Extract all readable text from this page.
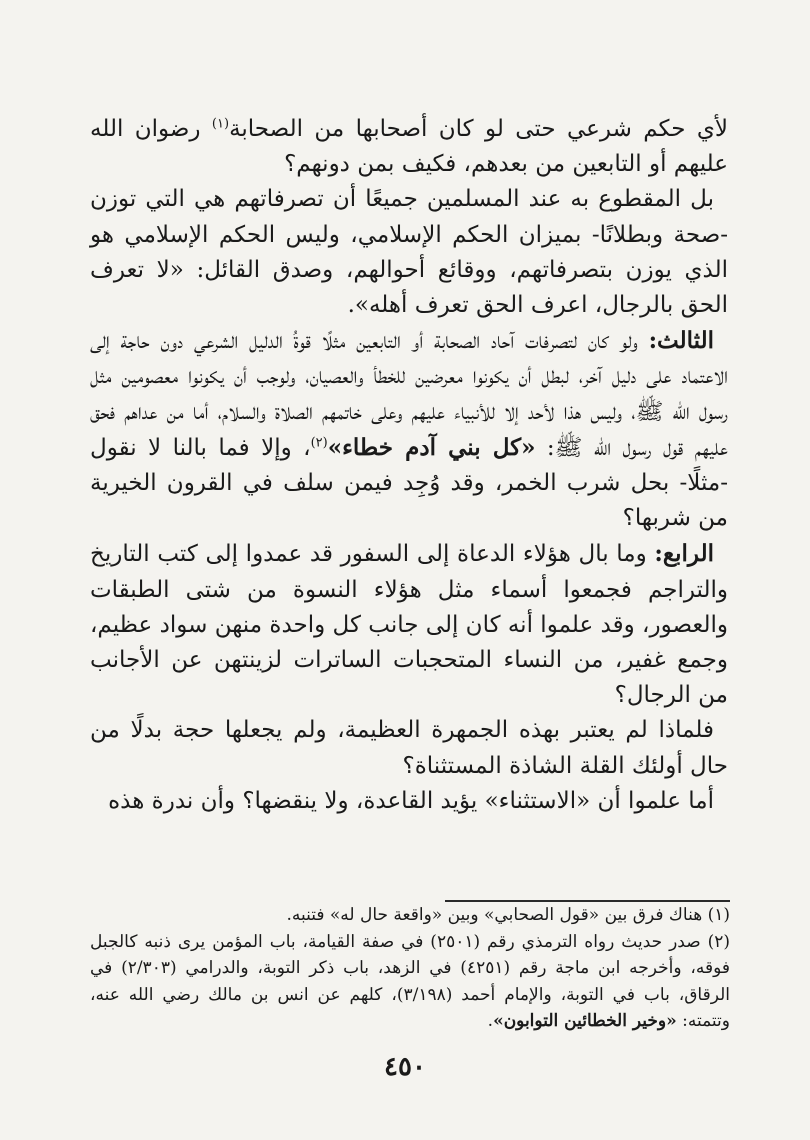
لأي حكم شرعي حتى لو كان أصحابها من الصحابة$^{(١)}$ رضوان الله عليهم أو التابعين من بعدهم، فكيف بمن دونهم؟

بل المقطوع به عند المسلمين جميعًا أن تصرفاتهم هي التي توزن -صحة وبطلانًا- بميزان الحكم الإسلامي، وليس الحكم الإسلامي هو الذي يوزن بتصرفاتهم، ووقائع أحوالهم، وصدق القائل: «لا تعرف الحق بالرجال، اعرف الحق تعرف أهله».

الثالث: ولو كان لتصرفات آحاد الصحابة أو التابعين مثلًا قوةُ الدليل الشرعي دون حاجة إلى الاعتماد على دليل آخر، لبطل أن يكونوا معرضين للخطأ والعصيان، ولوجب أن يكونوا معصومين مثل رسول الله ﷺ، وليس هذا لأحد إلا للأنبياء عليهم وعلى خاتمهم الصلاة والسلام، أما من عداهم فحق عليهم قول رسول الله ﷺ: «كل بني آدم خطاء»$^{(٢)}$، وإلا فما بالنا لا نقول -مثلًا- بحل شرب الخمر، وقد وُجِد فيمن سلف في القرون الخيرية من شربها؟

الرابع: وما بال هؤلاء الدعاة إلى السفور قد عمدوا إلى كتب التاريخ والتراجم فجمعوا أسماء مثل هؤلاء النسوة من شتى الطبقات والعصور، وقد علموا أنه كان إلى جانب كل واحدة منهن سواد عظيم، وجمع غفير، من النساء المتحجبات الساترات لزينتهن عن الأجانب من الرجال؟

فلماذا لم يعتبر بهذه الجمهرة العظيمة، ولم يجعلها حجة بدلًا من حال أولئك القلة الشاذة المستثناة؟

أما علموا أن «الاستثناء» يؤيد القاعدة، ولا ينقضها؟ وأن ندرة هذه

(١) هناك فرق بين «قول الصحابي» وبين «واقعة حال له» فتنبه.

(٢) صدر حديث رواه الترمذي رقم (٢٥٠١) في صفة القيامة، باب المؤمن يرى ذنبه كالجبل فوقه، وأخرجه ابن ماجة رقم (٤٢٥١) في الزهد، باب ذكر التوبة، والدرامي (٢/٣٠٣) في الرقاق، باب في التوبة، والإمام أحمد (٣/١٩٨)، كلهم عن انس بن مالك رضي الله عنه، وتتمته: «وخير الخطائين التوابون».

٤٥٠
